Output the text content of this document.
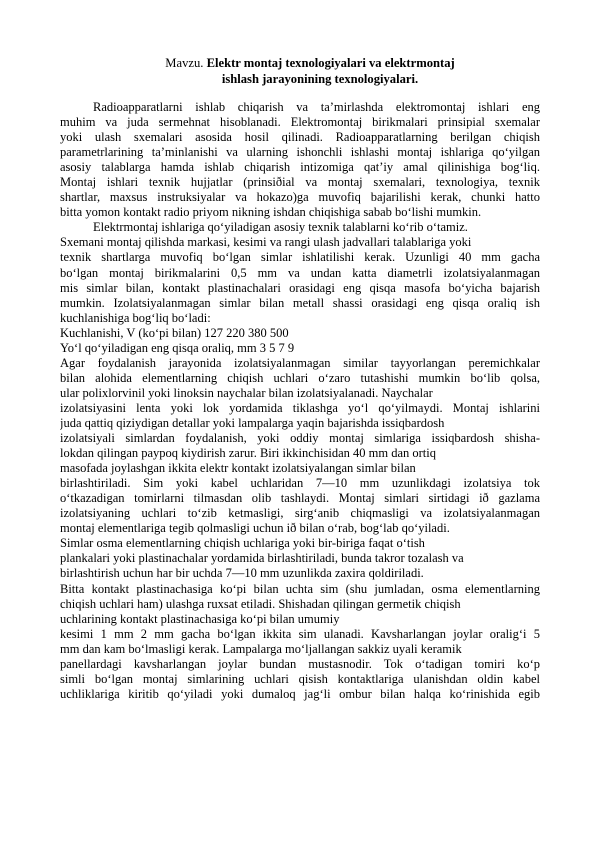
Mavzu. Elektr montaj texnologiyalari va elektrmontaj
ishlash jarayonining texnologiyalari.
Radioapparatlarni ishlab chiqarish va ta’mirlashda elektromontaj ishlari eng
muhim va juda sermehnat hisoblanadi. Elektromontaj birikmalari prinsipial sxemalar
yoki ulash sxemalari asosida hosil qilinadi. Radioapparatlarning berilgan chiqish
parametrlarining ta’minlanishi va ularning ishonchli ishlashi montaj ishlariga qo‘yilgan
asosiy talablarga hamda ishlab chiqarish intizomiga qat’iy amal qilinishiga bog‘liq.
Montaj ishlari texnik hujjatlar (prinsiðial va montaj sxemalari, texnologiya, texnik
shartlar, maxsus instruksiyalar va hokazo)ga muvofiq bajarilishi kerak, chunki hatto
bitta yomon kontakt radio priyom nikning ishdan chiqishiga sabab bo‘lishi mumkin.
Elektrmontaj ishlariga qo‘yiladigan asosiy texnik talablarni ko‘rib o‘tamiz.
Sxemani montaj qilishda markasi, kesimi va rangi ulash jadvallari talablariga yoki
texnik shartlarga muvofiq bo‘lgan simlar ishlatilishi kerak. Uzunligi 40 mm gacha
bo‘lgan montaj birikmalarini 0,5 mm va undan katta diametrli izolatsiyalanmagan
mis simlar bilan, kontakt plastinachalari orasidagi eng qisqa masofa bo‘yicha bajarish
mumkin. Izolatsiyalanmagan simlar bilan metall shassi orasidagi eng qisqa oraliq ish
kuchlanishiga bog‘liq bo‘ladi:
Kuchlanishi, V (ko‘pi bilan) 127 220 380 500
Yo‘l qo‘yiladigan eng qisqa oraliq, mm 3 5 7 9
Agar foydalanish jarayonida izolatsiyalanmagan similar tayyorlangan peremichkalar
bilan alohida elementlarning chiqish uchlari o‘zaro tutashishi mumkin bo‘lib qolsa,
ular polixlorvinil yoki linoksin naychalar bilan izolatsiyalanadi. Naychalar
izolatsiyasini lenta yoki lok yordamida tiklashga yo‘l qo‘yilmaydi. Montaj ishlarini
juda qattiq qiziydigan detallar yoki lampalarga yaqin bajarishda issiqbardosh
izolatsiyali simlardan foydalanish, yoki oddiy montaj simlariga issiqbardosh shisha-
lokdan qilingan paypoq kiydirish zarur. Biri ikkinchisidan 40 mm dan ortiq
masofada joylashgan ikkita elektr kontakt izolatsiyalangan simlar bilan
birlashtiriladi. Sim yoki kabel uchlaridan 7—10 mm uzunlikdagi izolatsiya tok
o‘tkazadigan tomirlarni tilmasdan olib tashlaydi. Montaj simlari sirtidagi ið gazlama
izolatsiyaning uchlari to‘zib ketmasligi, sirg‘anib chiqmasligi va izolatsiyalanmagan
montaj elementlariga tegib qolmasligi uchun ið bilan o‘rab, bog‘lab qo‘yiladi.
Simlar osma elementlarning chiqish uchlariga yoki bir-biriga faqat o‘tish
plankalari yoki plastinachalar yordamida birlashtiriladi, bunda takror tozalash va
birlashtirish uchun har bir uchda 7—10 mm uzunlikda zaxira qoldiriladi.
Bitta kontakt plastinachasiga ko‘pi bilan uchta sim (shu jumladan, osma elementlarning
chiqish uchlari ham) ulashga ruxsat etiladi. Shishadan qilingan germetik chiqish
uchlarining kontakt plastinachasiga ko‘pi bilan umumiy
kesimi 1 mm 2 mm gacha bo‘lgan ikkita sim ulanadi. Kavsharlangan joylar oralig‘i 5
mm dan kam bo‘lmasligi kerak. Lampalarga mo‘ljallangan sakkiz uyali keramik
panellardagi kavsharlangan joylar bundan mustasnodir. Tok o‘tadigan tomiri ko‘p
simli bo‘lgan montaj simlarining uchlari qisish kontaktlariga ulanishdan oldin kabel
uchliklariga kiritib qo‘yiladi yoki dumaloq jag‘li ombur bilan halqa ko‘rinishida egib
